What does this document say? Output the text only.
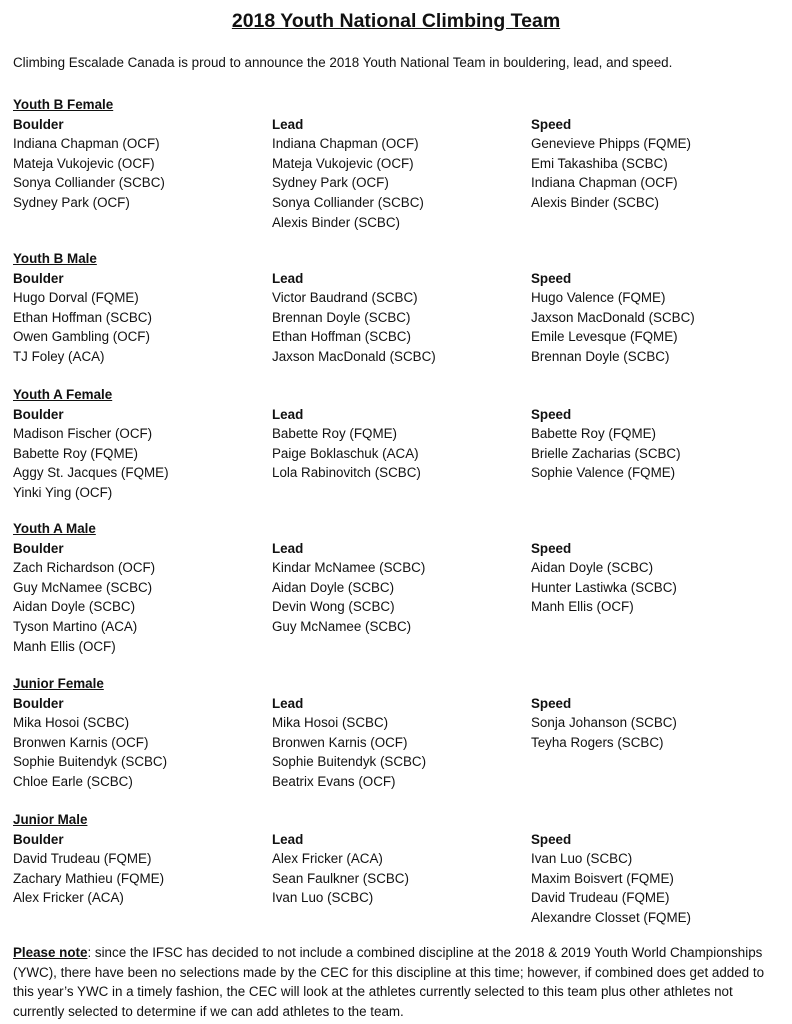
2018 Youth National Climbing Team
Climbing Escalade Canada is proud to announce the 2018 Youth National Team in bouldering, lead, and speed.
Youth B Female
Boulder
Indiana Chapman (OCF)
Mateja Vukojevic (OCF)
Sonya Colliander (SCBC)
Sydney Park (OCF)
Lead
Indiana Chapman (OCF)
Mateja Vukojevic (OCF)
Sydney Park (OCF)
Sonya Colliander (SCBC)
Alexis Binder (SCBC)
Speed
Genevieve Phipps (FQME)
Emi Takashiba (SCBC)
Indiana Chapman (OCF)
Alexis Binder (SCBC)
Youth B Male
Boulder
Hugo Dorval (FQME)
Ethan Hoffman (SCBC)
Owen Gambling (OCF)
TJ Foley (ACA)
Lead
Victor Baudrand (SCBC)
Brennan Doyle (SCBC)
Ethan Hoffman (SCBC)
Jaxson MacDonald (SCBC)
Speed
Hugo Valence (FQME)
Jaxson MacDonald (SCBC)
Emile Levesque (FQME)
Brennan Doyle (SCBC)
Youth A Female
Boulder
Madison Fischer (OCF)
Babette Roy (FQME)
Aggy St. Jacques (FQME)
Yinki Ying (OCF)
Lead
Babette Roy (FQME)
Paige Boklaschuk (ACA)
Lola Rabinovitch (SCBC)
Speed
Babette Roy (FQME)
Brielle Zacharias (SCBC)
Sophie Valence (FQME)
Youth A Male
Boulder
Zach Richardson (OCF)
Guy McNamee (SCBC)
Aidan Doyle (SCBC)
Tyson Martino (ACA)
Manh Ellis (OCF)
Lead
Kindar McNamee (SCBC)
Aidan Doyle (SCBC)
Devin Wong (SCBC)
Guy McNamee (SCBC)
Speed
Aidan Doyle (SCBC)
Hunter Lastiwka (SCBC)
Manh Ellis (OCF)
Junior Female
Boulder
Mika Hosoi (SCBC)
Bronwen Karnis (OCF)
Sophie Buitendyk (SCBC)
Chloe Earle (SCBC)
Lead
Mika Hosoi (SCBC)
Bronwen Karnis (OCF)
Sophie Buitendyk (SCBC)
Beatrix Evans (OCF)
Speed
Sonja Johanson (SCBC)
Teyha Rogers (SCBC)
Junior Male
Boulder
David Trudeau (FQME)
Zachary Mathieu (FQME)
Alex Fricker (ACA)
Lead
Alex Fricker (ACA)
Sean Faulkner (SCBC)
Ivan Luo (SCBC)
Speed
Ivan Luo (SCBC)
Maxim Boisvert (FQME)
David Trudeau (FQME)
Alexandre Closset (FQME)
Please note: since the IFSC has decided to not include a combined discipline at the 2018 & 2019 Youth World Championships (YWC), there have been no selections made by the CEC for this discipline at this time; however, if combined does get added to this year’s YWC in a timely fashion, the CEC will look at the athletes currently selected to this team plus other athletes not currently selected to determine if we can add athletes to the team.
